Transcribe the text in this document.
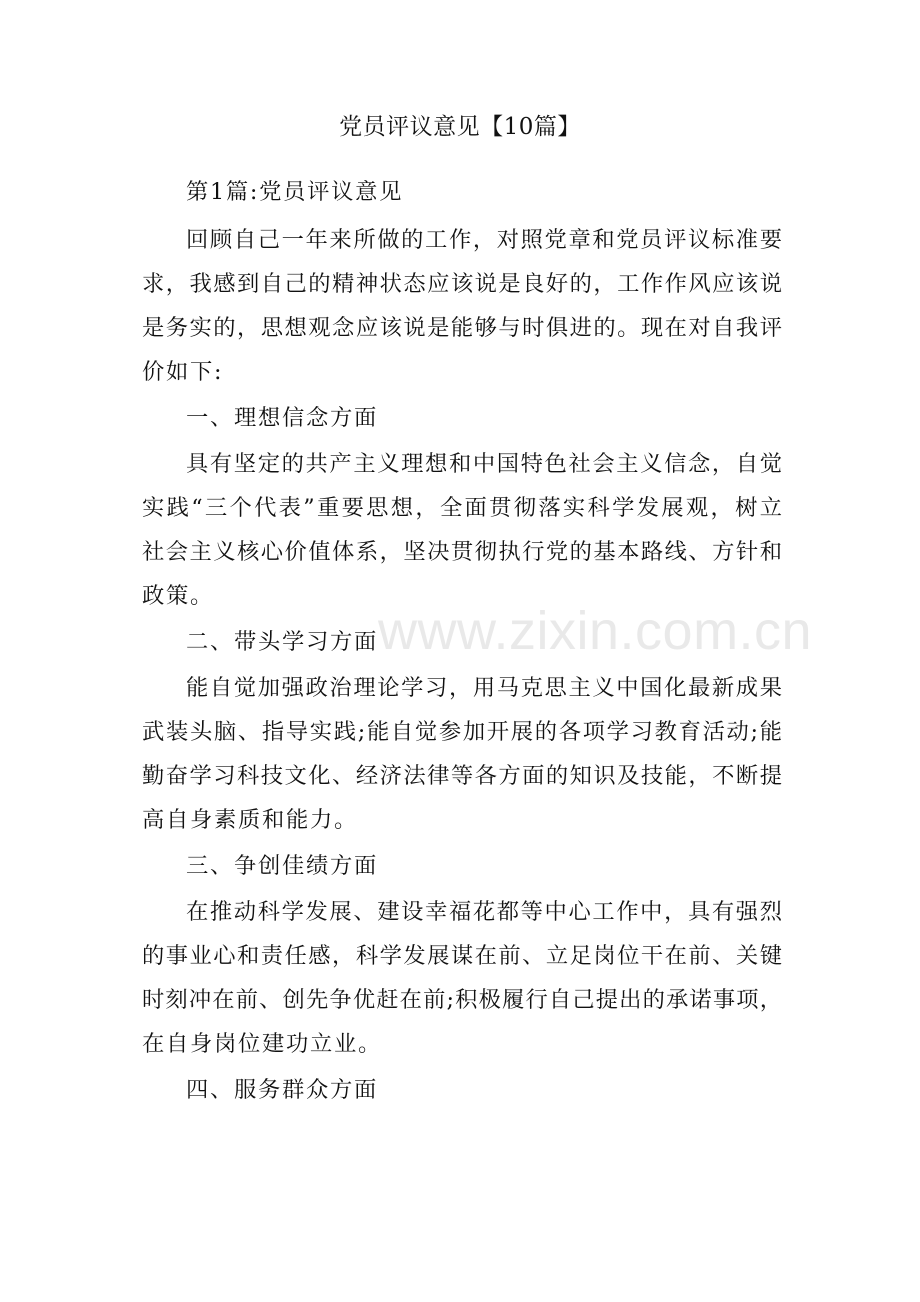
www.zixin.com.cn
党员评议意见【10篇】
第1篇:党员评议意见
回顾自己一年来所做的工作，对照党章和党员评议标准要
求，我感到自己的精神状态应该说是良好的，工作作风应该说
是务实的，思想观念应该说是能够与时俱进的。现在对自我评
价如下:
一、理想信念方面
具有坚定的共产主义理想和中国特色社会主义信念，自觉
实践“三个代表”重要思想，全面贯彻落实科学发展观，树立
社会主义核心价值体系，坚决贯彻执行党的基本路线、方针和
政策。
二、带头学习方面
能自觉加强政治理论学习，用马克思主义中国化最新成果
武装头脑、指导实践;能自觉参加开展的各项学习教育活动;能
勤奋学习科技文化、经济法律等各方面的知识及技能，不断提
高自身素质和能力。
三、争创佳绩方面
在推动科学发展、建设幸福花都等中心工作中，具有强烈
的事业心和责任感，科学发展谋在前、立足岗位干在前、关键
时刻冲在前、创先争优赶在前;积极履行自己提出的承诺事项，
在自身岗位建功立业。
四、服务群众方面
